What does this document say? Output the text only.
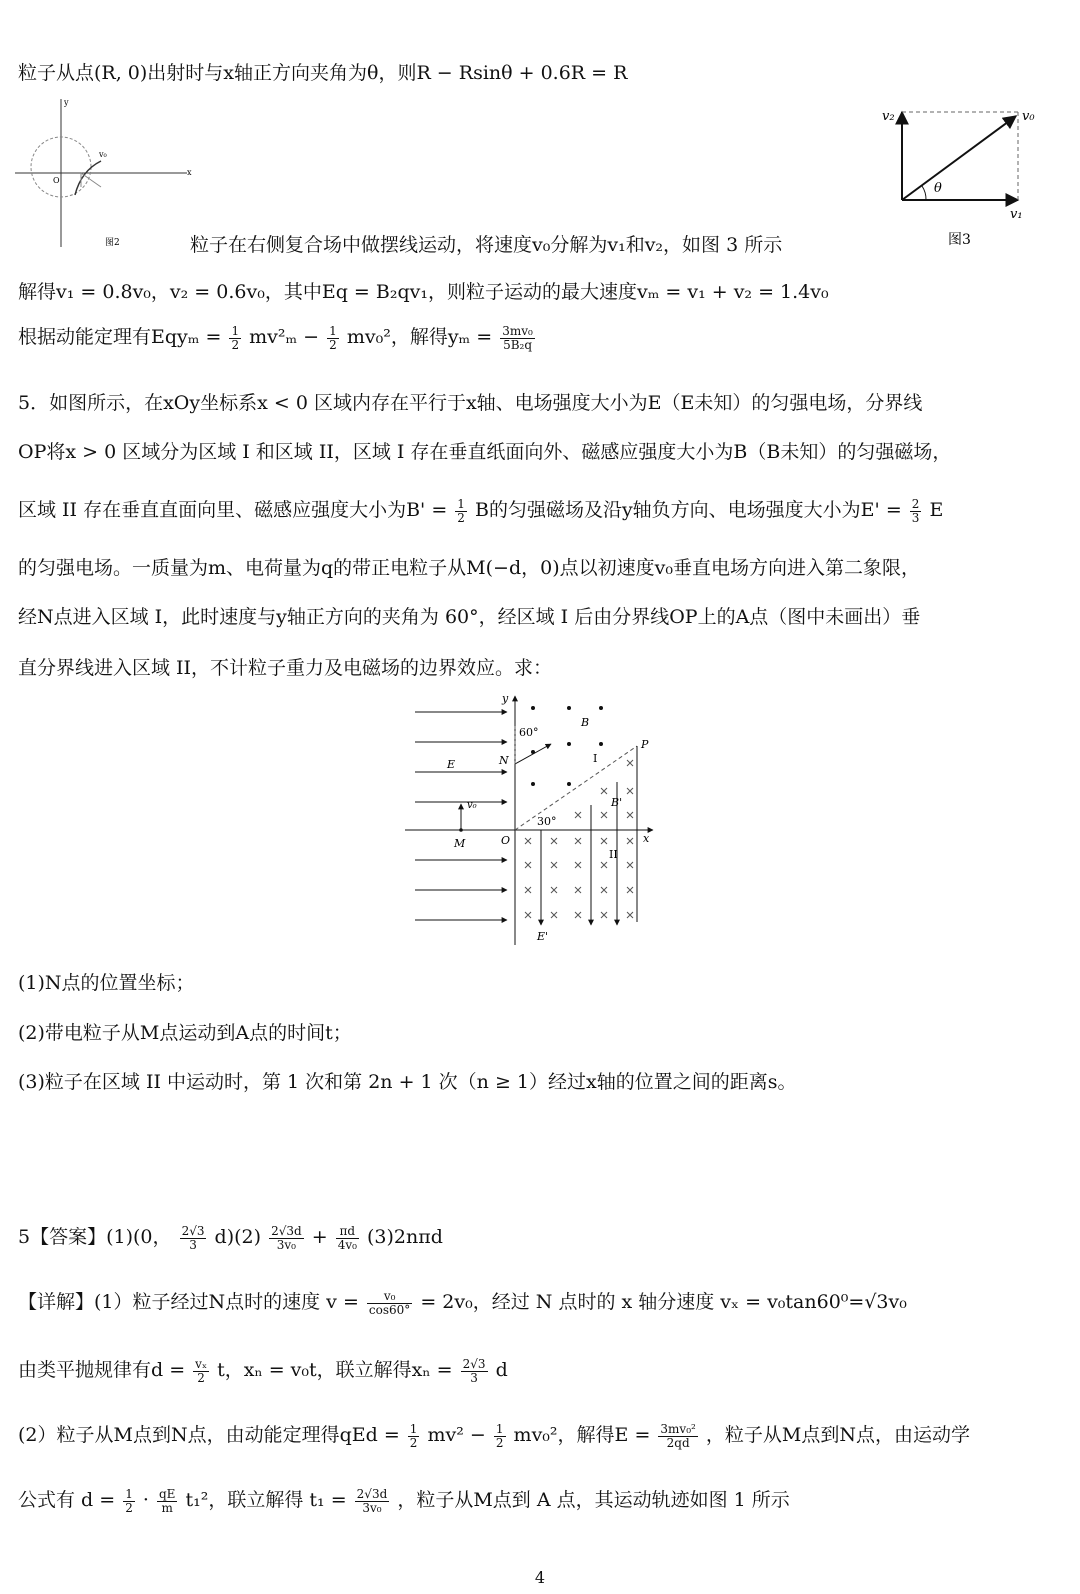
粒子从点(R, 0)出射时与x轴正方向夹角为θ，则R − Rsinθ + 0.6R = R
y
x
O
v₀
图2
θ
v₂	v₀
v₁
图3
粒子在右侧复合场中做摆线运动，将速度v₀分解为v₁和v₂，如图 3 所示
解得v₁ = 0.8v₀，v₂ = 0.6v₀，其中Eq = B₂qv₁，则粒子运动的最大速度vₘ = v₁ + v₂ = 1.4v₀
根据动能定理有$Eqy_m = \frac{1}{2} mv^2_m - \frac{1}{2} mv_0^2$，解得$y_m = \frac{\text{3mv₀}}{\text{5B₂q}}$
5．如图所示，在xOy坐标系x < 0 区域内存在平行于x轴、电场强度大小为E（E未知）的匀强电场，分界线
OP将x > 0 区域分为区域 I 和区域 II，区域 I 存在垂直纸面向外、磁感应强度大小为B（B未知）的匀强磁场，
区域 II 存在垂直直面向里、磁感应强度大小为$B' = \frac{1}{2}$ B的匀强磁场及沿y轴负方向、电场强度大小为$E' = \frac{2}{3}$ E
的匀强电场。一质量为m、电荷量为q的带正电粒子从M(−d，0)点以初速度v₀垂直电场方向进入第二象限，
经N点进入区域 I，此时速度与y轴正方向的夹角为 60°，经区域 I 后由分界线OP上的A点（图中未画出）垂
直分界线进入区域 II，不计粒子重力及电磁场的边界效应。求：
y
x
O
N
M
E
B
B'
E'
P
I
II
60°
30°
v₀
(1)N点的位置坐标；
(2)带电粒子从M点运动到A点的时间t；
(3)粒子在区域 II 中运动时，第 1 次和第 2n + 1 次（n ≥ 1）经过x轴的位置之间的距离s。
5【答案】(1)(0， $\frac{2√3}{3} d)(2) \frac{2√3d}{\text{3v₀}} + \frac{\pi d}{\text{4v₀}} (3)2n\pi d$
【详解】(1）粒子经过N点时的速度 $v = \frac{\text{v₀}}{\cos 60^\circ} = 2v_0$，经过 N 点时的 x 轴分速度 vₓ = v₀tan60⁰=√3v₀
由类平抛规律有$d = \frac{\text{vₓ}}{2}$ t，xₙ = v₀t，联立解得$x_n = \frac{2√3}{3}$ d
(2）粒子从M点到N点，由动能定理得qEd = $\frac{1}{2} mv^2 - \frac{1}{2} mv_0^2$，解得$E = \frac{\text{3mv₀²}}{2qd}$ ，粒子从M点到N点，由运动学
公式有 $d = \frac{1}{2} \cdot \frac{qE}{m} t_1^2$，联立解得 $t_1 = \frac{2√3d}{\text{3v₀}}$ ，粒子从M点到 A 点，其运动轨迹如图 1 所示
4
